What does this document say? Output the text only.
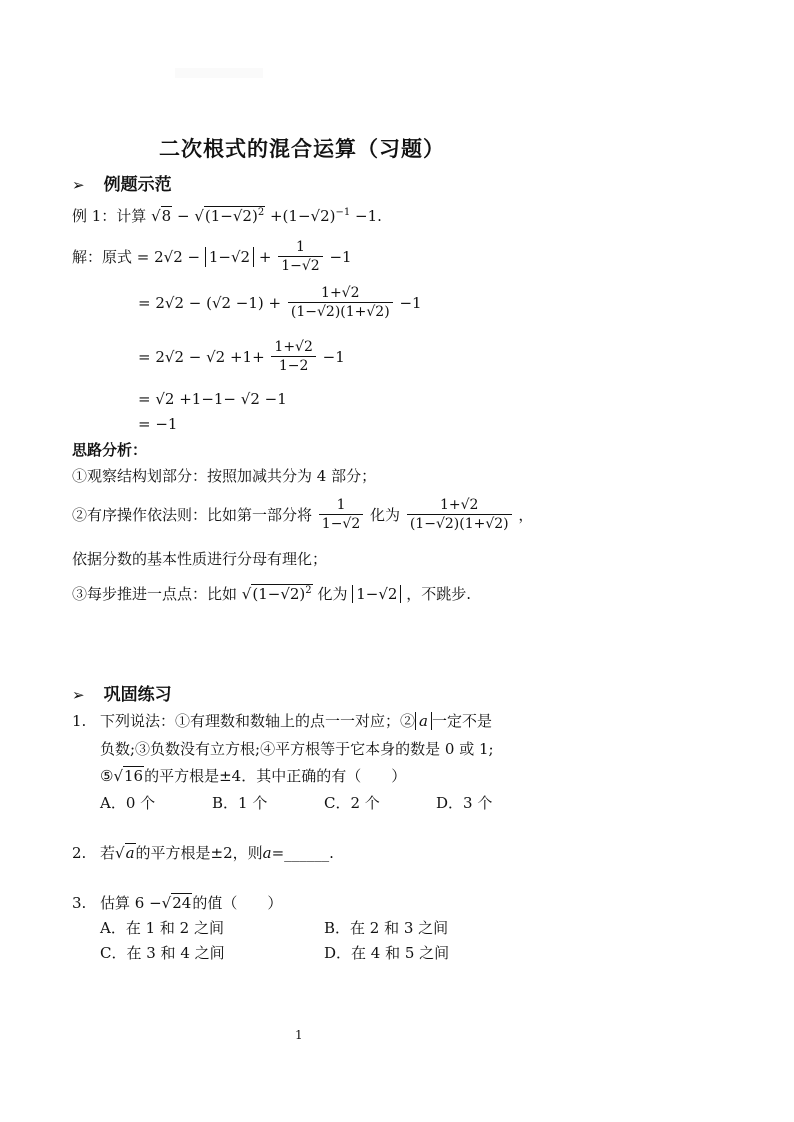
二次根式的混合运算（习题）
➢ 例题示范
例 1：计算 $√8 - √(1-√2)^2 +(1-√2)^{-1} -1$.
解：原式 = $2√2 - 1-√2 + \frac{1}{1-√2} -1$
= $2√2 - (√2 -1) + \frac{1+√2}{(1-√2)(1+√2)} -1$
= $2√2 - √2 +1+ \frac{1+√2}{1-2} -1$
= √2 +1−1− √2 −1
= −1
思路分析：
①观察结构划部分：按照加减共分为 4 部分；
②有序操作依法则：比如第一部分将 $\frac{1}{1-√2}$ 化为 $\frac{1+√2}{(1-√2)(1+√2)}$ ，
依据分数的基本性质进行分母有理化；
③每步推进一点点：比如 $√(1-√2)^2$ 化为 1−√2 ，不跳步.
➢ 巩固练习
1. 下列说法：①有理数和数轴上的点一一对应；② a 一定不是
负数;③负数没有立方根;④平方根等于它本身的数是 0 或 1;
⑤√16的平方根是±4．其中正确的有（　　）
A．0 个	B．1 个	C．2 个	D．3 个
2. 若√a的平方根是±2，则a=______.
3. 估算 6 −√24的值（　　）
A．在 1 和 2 之间	B．在 2 和 3 之间
C．在 3 和 4 之间	D．在 4 和 5 之间
1
